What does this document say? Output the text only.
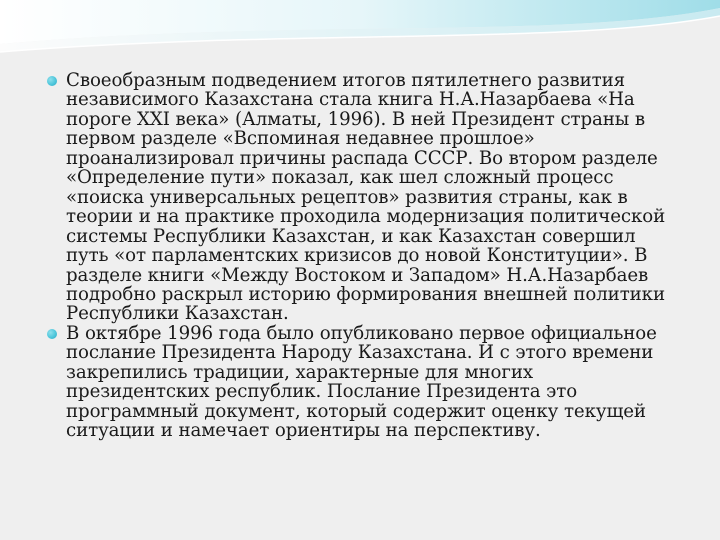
Своеобразным подведением итогов пятилетнего развития независимого Казахстана стала книга Н.А.Назарбаева «На пороге XXI века» (Алматы, 1996). В ней Президент страны в первом разделе «Вспоминая недавнее прошлое» проанализировал причины распада СССР. Во втором разделе «Определение пути» показал, как шел сложный процесс «поиска универсальных рецептов» развития страны, как в теории и на практике проходила модернизация политической системы Республики Казахстан, и как Казахстан совершил путь «от парламентских кризисов до новой Конституции». В разделе книги «Между Востоком и Западом» Н.А.Назарбаев подробно раскрыл историю формирования внешней политики Республики Казахстан.
В октябре 1996 года было опубликовано первое официальное послание Президента Народу Казахстана. И с этого времени закрепились традиции, характерные для многих президентских республик. Послание Президента это программный документ, который содержит оценку текущей ситуации и намечает ориентиры на перспективу.
